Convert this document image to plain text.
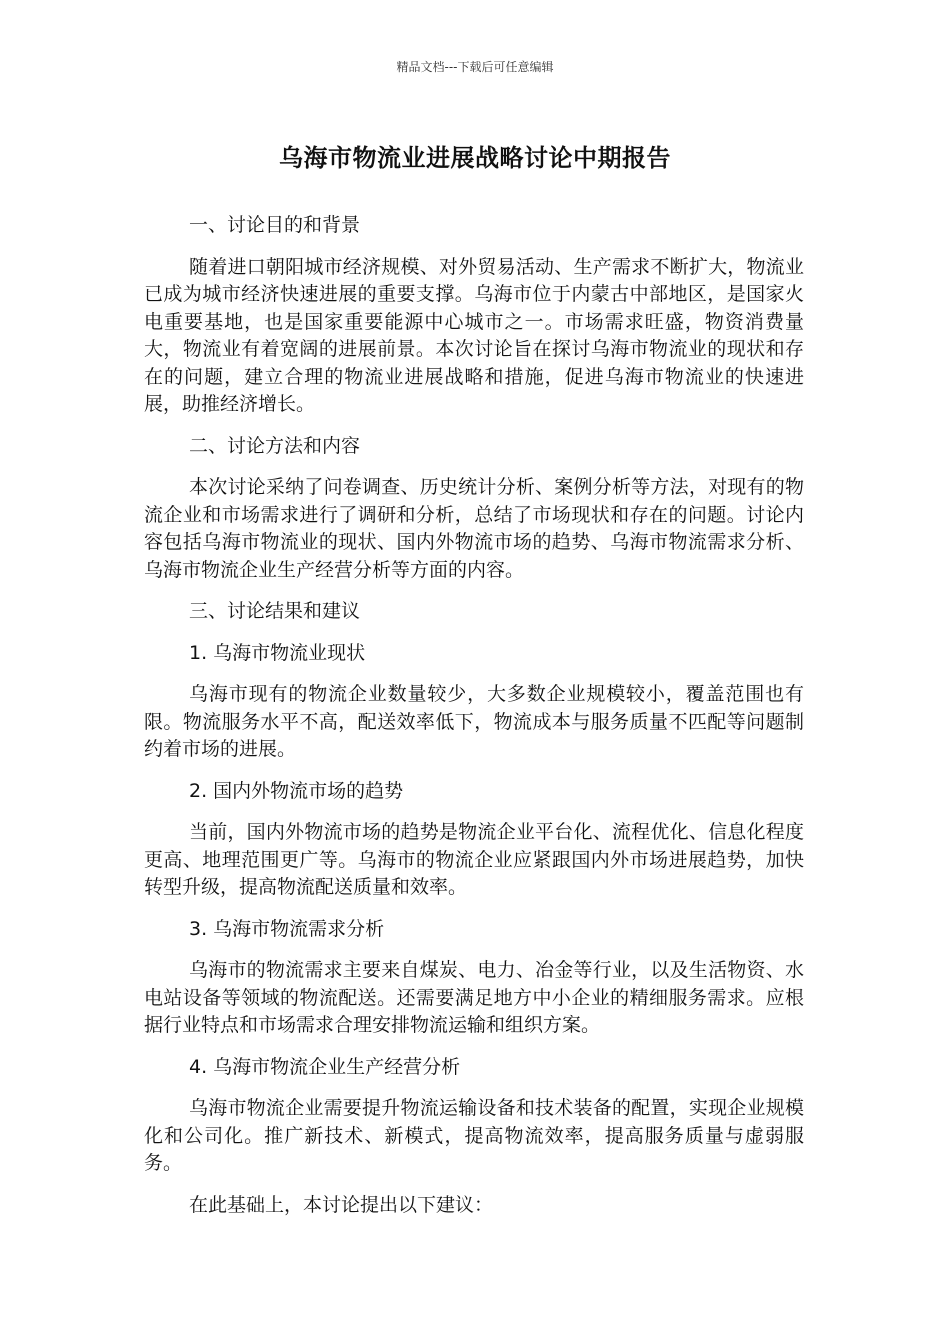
精品文档---下载后可任意编辑
乌海市物流业进展战略讨论中期报告

一、讨论目的和背景

随着进口朝阳城市经济规模、对外贸易活动、生产需求不断扩大，物流业已成为城市经济快速进展的重要支撑。乌海市位于内蒙古中部地区，是国家火电重要基地，也是国家重要能源中心城市之一。市场需求旺盛，物资消费量大，物流业有着宽阔的进展前景。本次讨论旨在探讨乌海市物流业的现状和存在的问题，建立合理的物流业进展战略和措施，促进乌海市物流业的快速进展，助推经济增长。

二、讨论方法和内容

本次讨论采纳了问卷调查、历史统计分析、案例分析等方法，对现有的物流企业和市场需求进行了调研和分析，总结了市场现状和存在的问题。讨论内容包括乌海市物流业的现状、国内外物流市场的趋势、乌海市物流需求分析、乌海市物流企业生产经营分析等方面的内容。

三、讨论结果和建议

1. 乌海市物流业现状

乌海市现有的物流企业数量较少，大多数企业规模较小，覆盖范围也有限。物流服务水平不高，配送效率低下，物流成本与服务质量不匹配等问题制约着市场的进展。

2. 国内外物流市场的趋势

当前，国内外物流市场的趋势是物流企业平台化、流程优化、信息化程度更高、地理范围更广等。乌海市的物流企业应紧跟国内外市场进展趋势，加快转型升级，提高物流配送质量和效率。

3. 乌海市物流需求分析

乌海市的物流需求主要来自煤炭、电力、冶金等行业，以及生活物资、水电站设备等领域的物流配送。还需要满足地方中小企业的精细服务需求。应根据行业特点和市场需求合理安排物流运输和组织方案。

4. 乌海市物流企业生产经营分析

乌海市物流企业需要提升物流运输设备和技术装备的配置，实现企业规模化和公司化。推广新技术、新模式，提高物流效率，提高服务质量与虚弱服务。

在此基础上，本讨论提出以下建议：
